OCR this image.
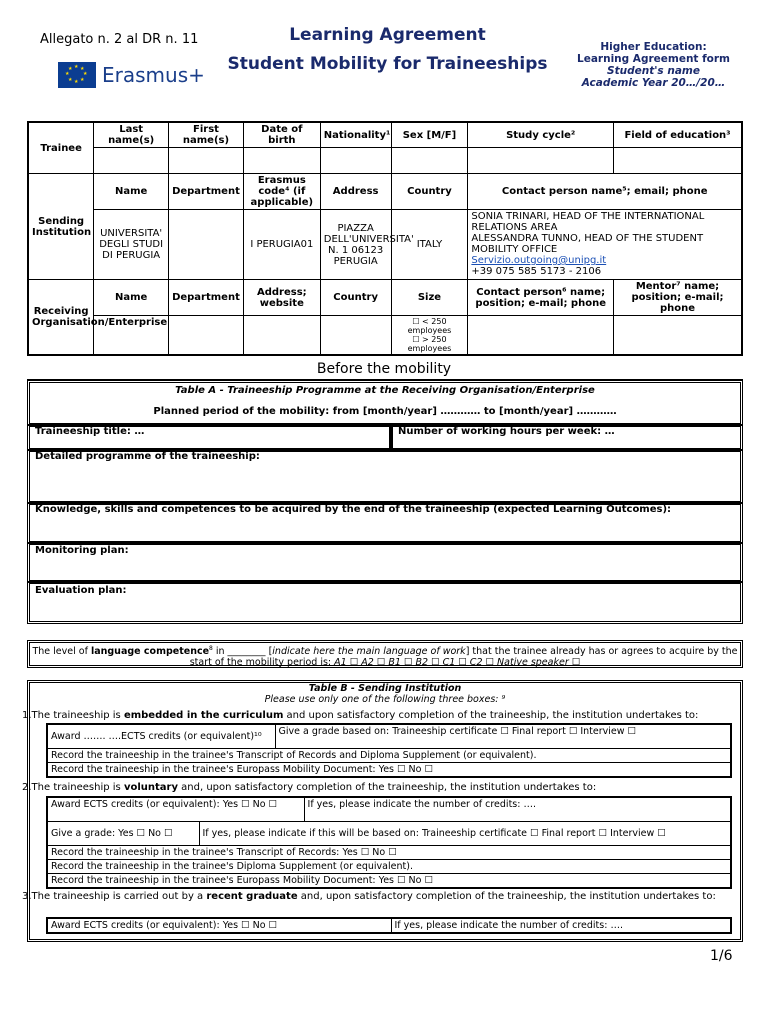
Allegato n. 2 al DR n. 11
★ ★
★
★
★
★
★
★ Erasmus+
Learning Agreement
Student Mobility for Traineeships
Higher Education:
Learning Agreement form
Student's name
Academic Year 20…/20…
Trainee	Last name(s)	First name(s)	Date of birth	Nationality¹	Sex [M/F]	Study cycle²	Field of education³

Sending Institution	Name	Department	Erasmus code⁴ (if applicable)	Address	Country	Contact person name⁵; email; phone	
	UNIVERSITA' DEGLI STUDI DI PERUGIA		I PERUGIA01	PIAZZA DELL'UNIVERSITA' N. 1 06123 PERUGIA	ITALY	SONIA TRINARI, HEAD OF THE INTERNATIONAL RELATIONS AREA
ALESSANDRA TUNNO, HEAD OF THE STUDENT MOBILITY OFFICE
Servizio.outgoing@unipg.it
+39 075 585 5173 - 2106	

Receiving Organisation/Enterprise	Name	Department	Address; website	Country	Size	Contact person⁶ name; position; e-mail; phone	Mentor⁷ name; position; e-mail; phone

					☐ < 250 employees
☐ > 250 employees		

Before the mobility
Table A - Traineeship Programme at the Receiving Organisation/Enterprise
Planned period of the mobility: from [month/year] ………… to [month/year] …………
Traineeship title: …	Number of working hours per week: …
Detailed programme of the traineeship:
Knowledge, skills and competences to be acquired by the end of the traineeship (expected Learning Outcomes):
Monitoring plan:
Evaluation plan:
The level of language competence$^8$ in ________ [indicate here the main language of work] that the trainee already has or agrees to acquire by the start of the mobility period is: A1 ☐ A2 ☐ B1 ☐ B2 ☐ C1 ☐ C2 ☐ Native speaker ☐
Table B - Sending Institution
Please use only one of the following three boxes: ⁹
1.The traineeship is embedded in the curriculum and upon satisfactory completion of the traineeship, the institution undertakes to:
Award ……. ….ECTS credits (or equivalent)¹⁰	Give a grade based on: Traineeship certificate ☐ Final report ☐ Interview ☐
Record the traineeship in the trainee's Transcript of Records and Diploma Supplement (or equivalent).
Record the traineeship in the trainee's Europass Mobility Document: Yes ☐ No ☐
2.The traineeship is voluntary and, upon satisfactory completion of the traineeship, the institution undertakes to:
Award ECTS credits (or equivalent): Yes ☐ No ☐		If yes, please indicate the number of credits: ….
Give a grade: Yes ☐ No ☐	If yes, please indicate if this will be based on: Traineeship certificate ☐ Final report ☐ Interview ☐	
Record the traineeship in the trainee's Transcript of Records: Yes ☐ No ☐		
Record the traineeship in the trainee's Diploma Supplement (or equivalent).		
Record the traineeship in the trainee's Europass Mobility Document: Yes ☐ No ☐		
3.The traineeship is carried out by a recent graduate and, upon satisfactory completion of the traineeship, the institution undertakes to:
Award ECTS credits (or equivalent): Yes ☐ No ☐	If yes, please indicate the number of credits: ….
1/6
